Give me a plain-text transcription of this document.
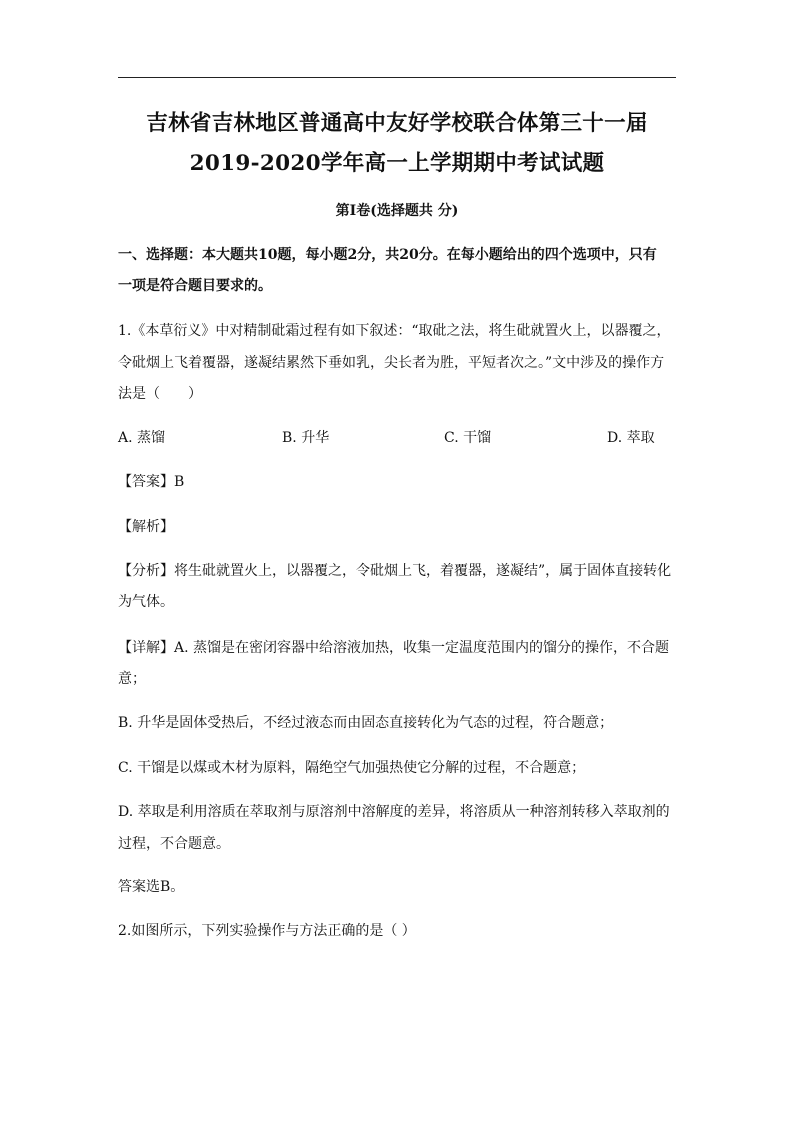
吉林省吉林地区普通高中友好学校联合体第三十一届
2019-2020学年高一上学期期中考试试题
第Ⅰ卷(选择题共 分)
一、选择题：本大题共10题，每小题2分，共20分。在每小题给出的四个选项中，只有
一项是符合题目要求的。
1.《本草衍义》中对精制砒霜过程有如下叙述：“取砒之法，将生砒就置火上，以器覆之，
令砒烟上飞着覆器，遂凝结累然下垂如乳，尖长者为胜，平短者次之。”文中涉及的操作方
法是（　　）
A. 蒸馏	B. 升华	C. 干馏	D. 萃取
【答案】B
【解析】
【分析】将生砒就置火上，以器覆之，令砒烟上飞，着覆器，遂凝结”，属于固体直接转化
为气体。
【详解】A. 蒸馏是在密闭容器中给溶液加热，收集一定温度范围内的馏分的操作，不合题
意；
B. 升华是固体受热后，不经过液态而由固态直接转化为气态的过程，符合题意；
C. 干馏是以煤或木材为原料，隔绝空气加强热使它分解的过程，不合题意；
D. 萃取是利用溶质在萃取剂与原溶剂中溶解度的差异，将溶质从一种溶剂转移入萃取剂的
过程，不合题意。
答案选B。
2.如图所示，下列实验操作与方法正确的是（ ）
